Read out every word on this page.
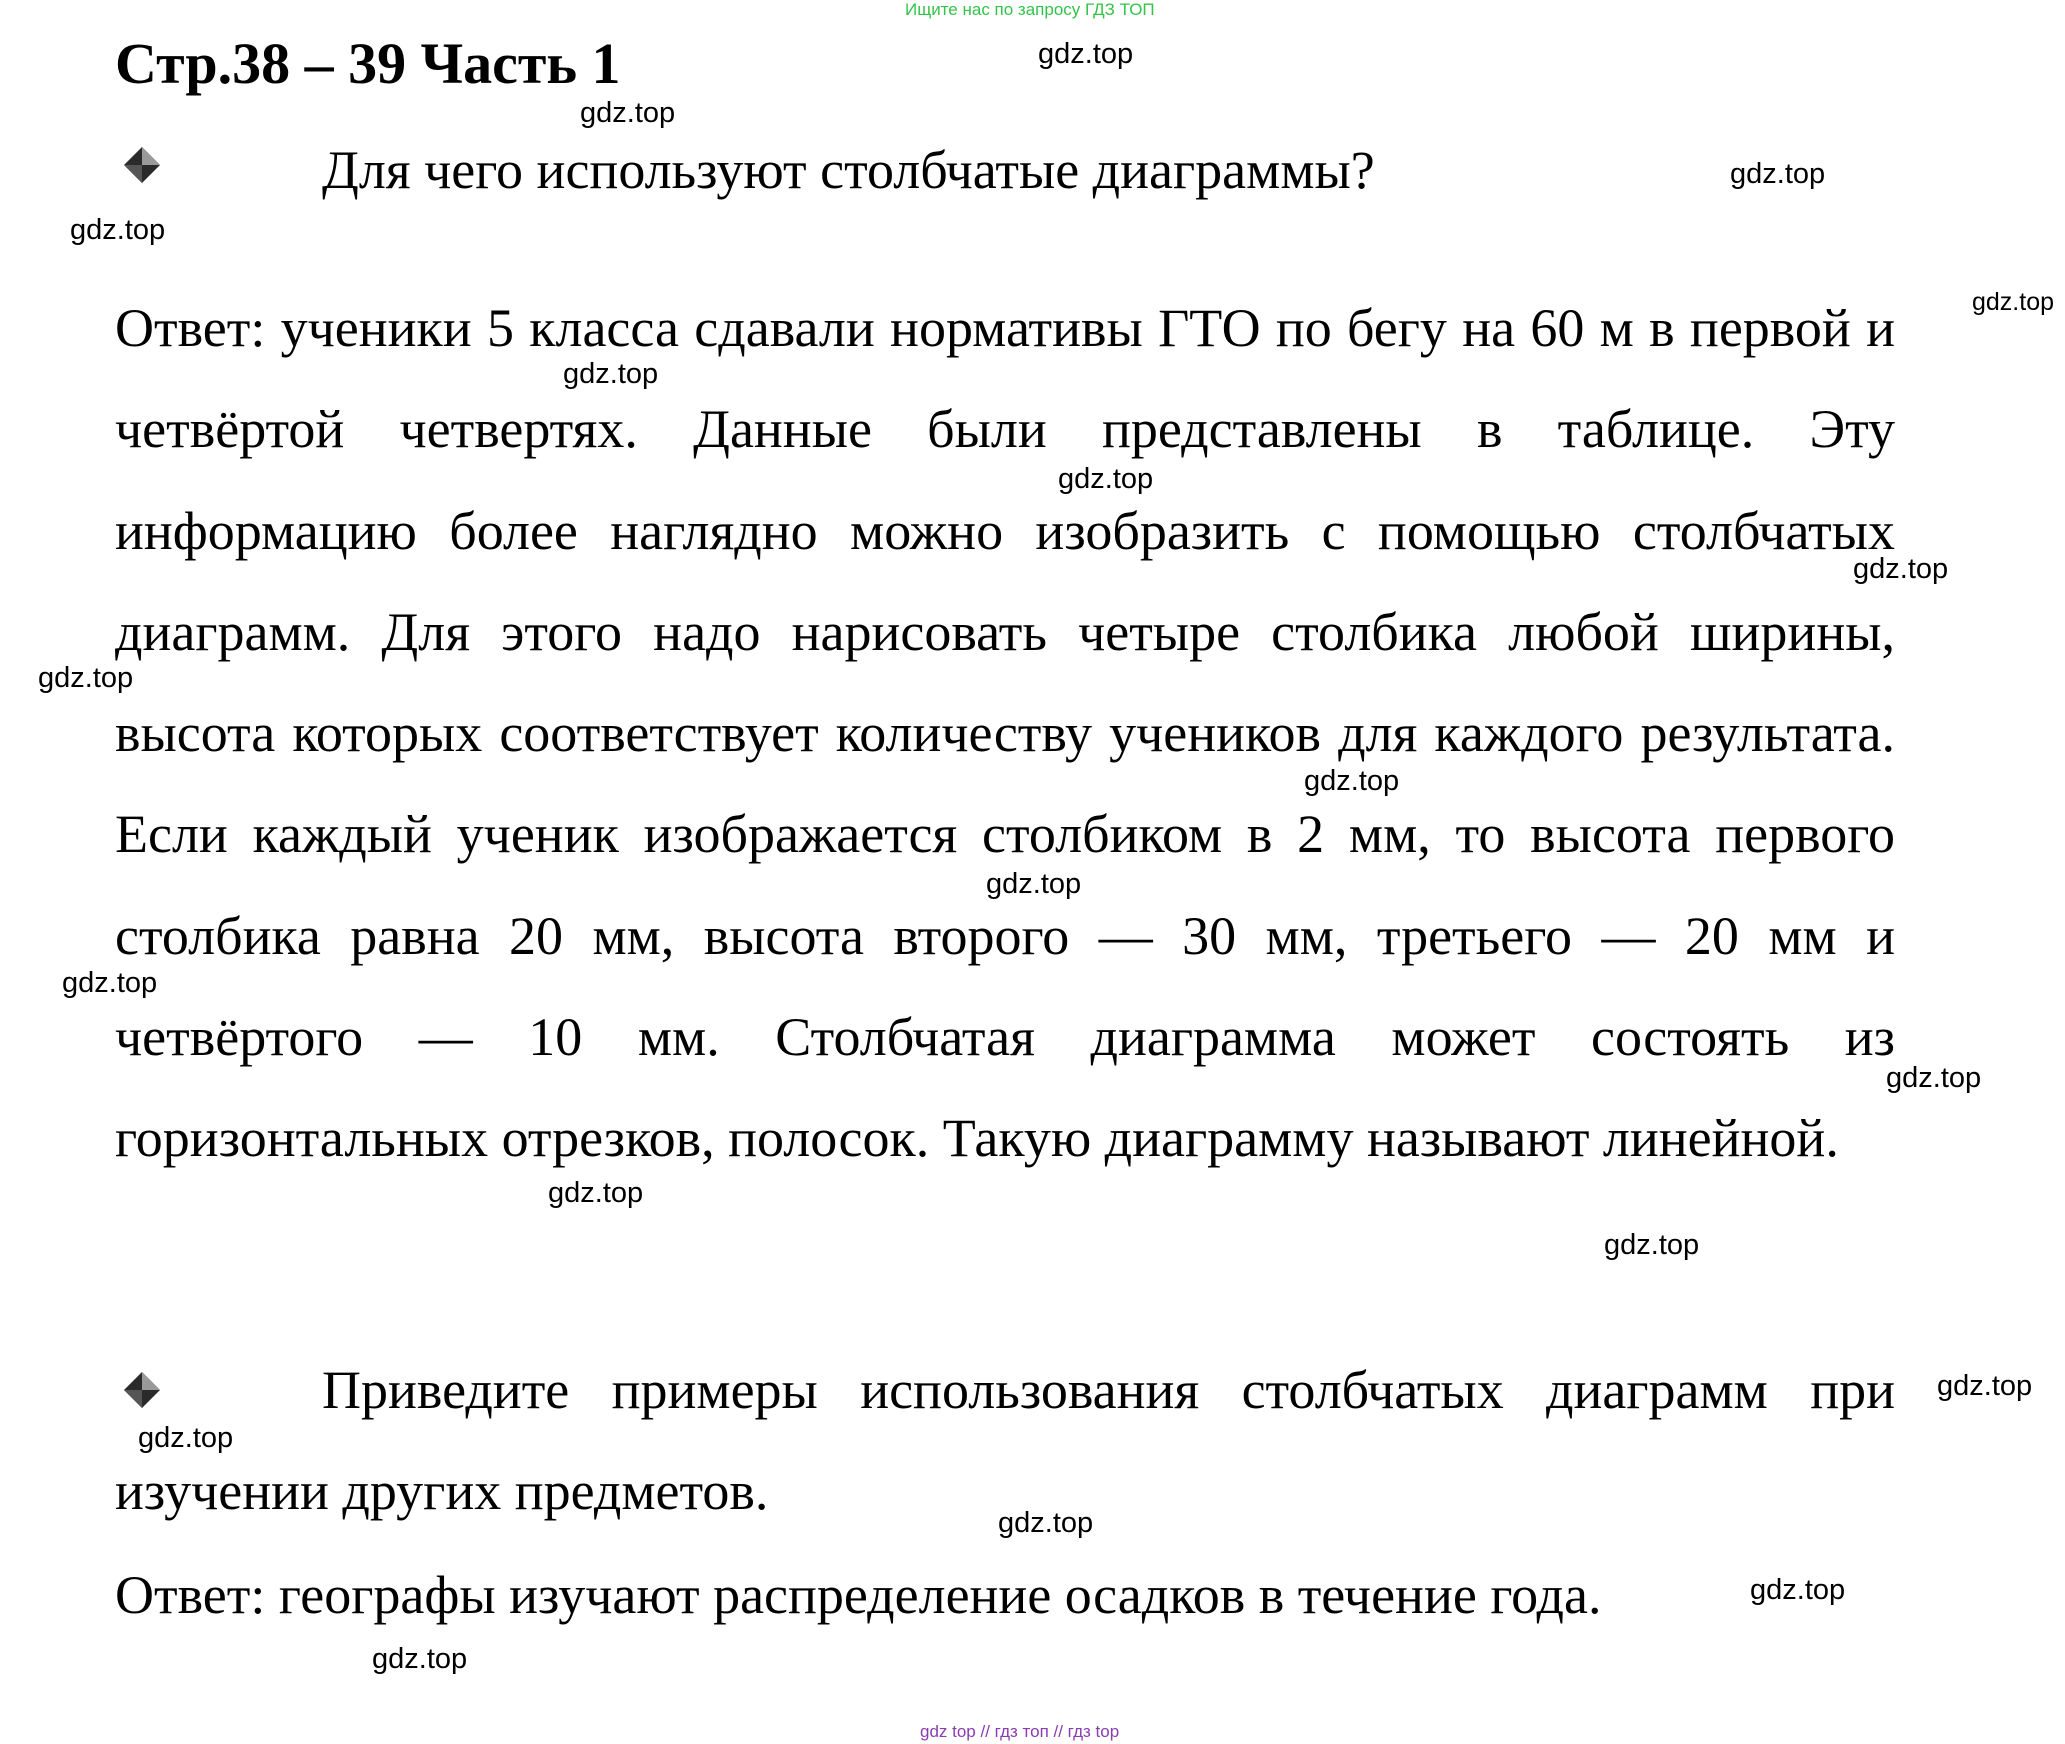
Ищите нас по запросу ГДЗ ТОП
Стр.38 – 39 Часть 1
Для чего используют столбчатые диаграммы?
Ответ: ученики 5 класса сдавали нормативы ГТО по бегу на 60 м в первой и четвёртой четвертях. Данные были представлены в таблице. Эту информацию более наглядно можно изобразить с помощью столбчатых диаграмм. Для этого надо нарисовать четыре столбика любой ширины, высота которых соответствует количеству учеников для каждого результата. Если каждый ученик изображается столбиком в 2 мм, то высота первого столбика равна 20 мм, высота второго — 30 мм, третьего — 20 мм и четвёртого — 10 мм. Столбчатая диаграмма может состоять из горизонтальных отрезков, полосок. Такую диаграмму называют линейной.
Приведите примеры использования столбчатых диаграмм при изучении других предметов.
Ответ: географы изучают распределение осадков в течение года.
gdz.top
gdz.top
gdz.top
gdz.top
gdz.top
gdz.top
gdz.top
gdz.top
gdz.top
gdz.top
gdz.top
gdz.top
gdz.top
gdz.top
gdz.top
gdz.top
gdz.top
gdz.top
gdz.top
gdz.top
gdz top // гдз топ // гдз top
